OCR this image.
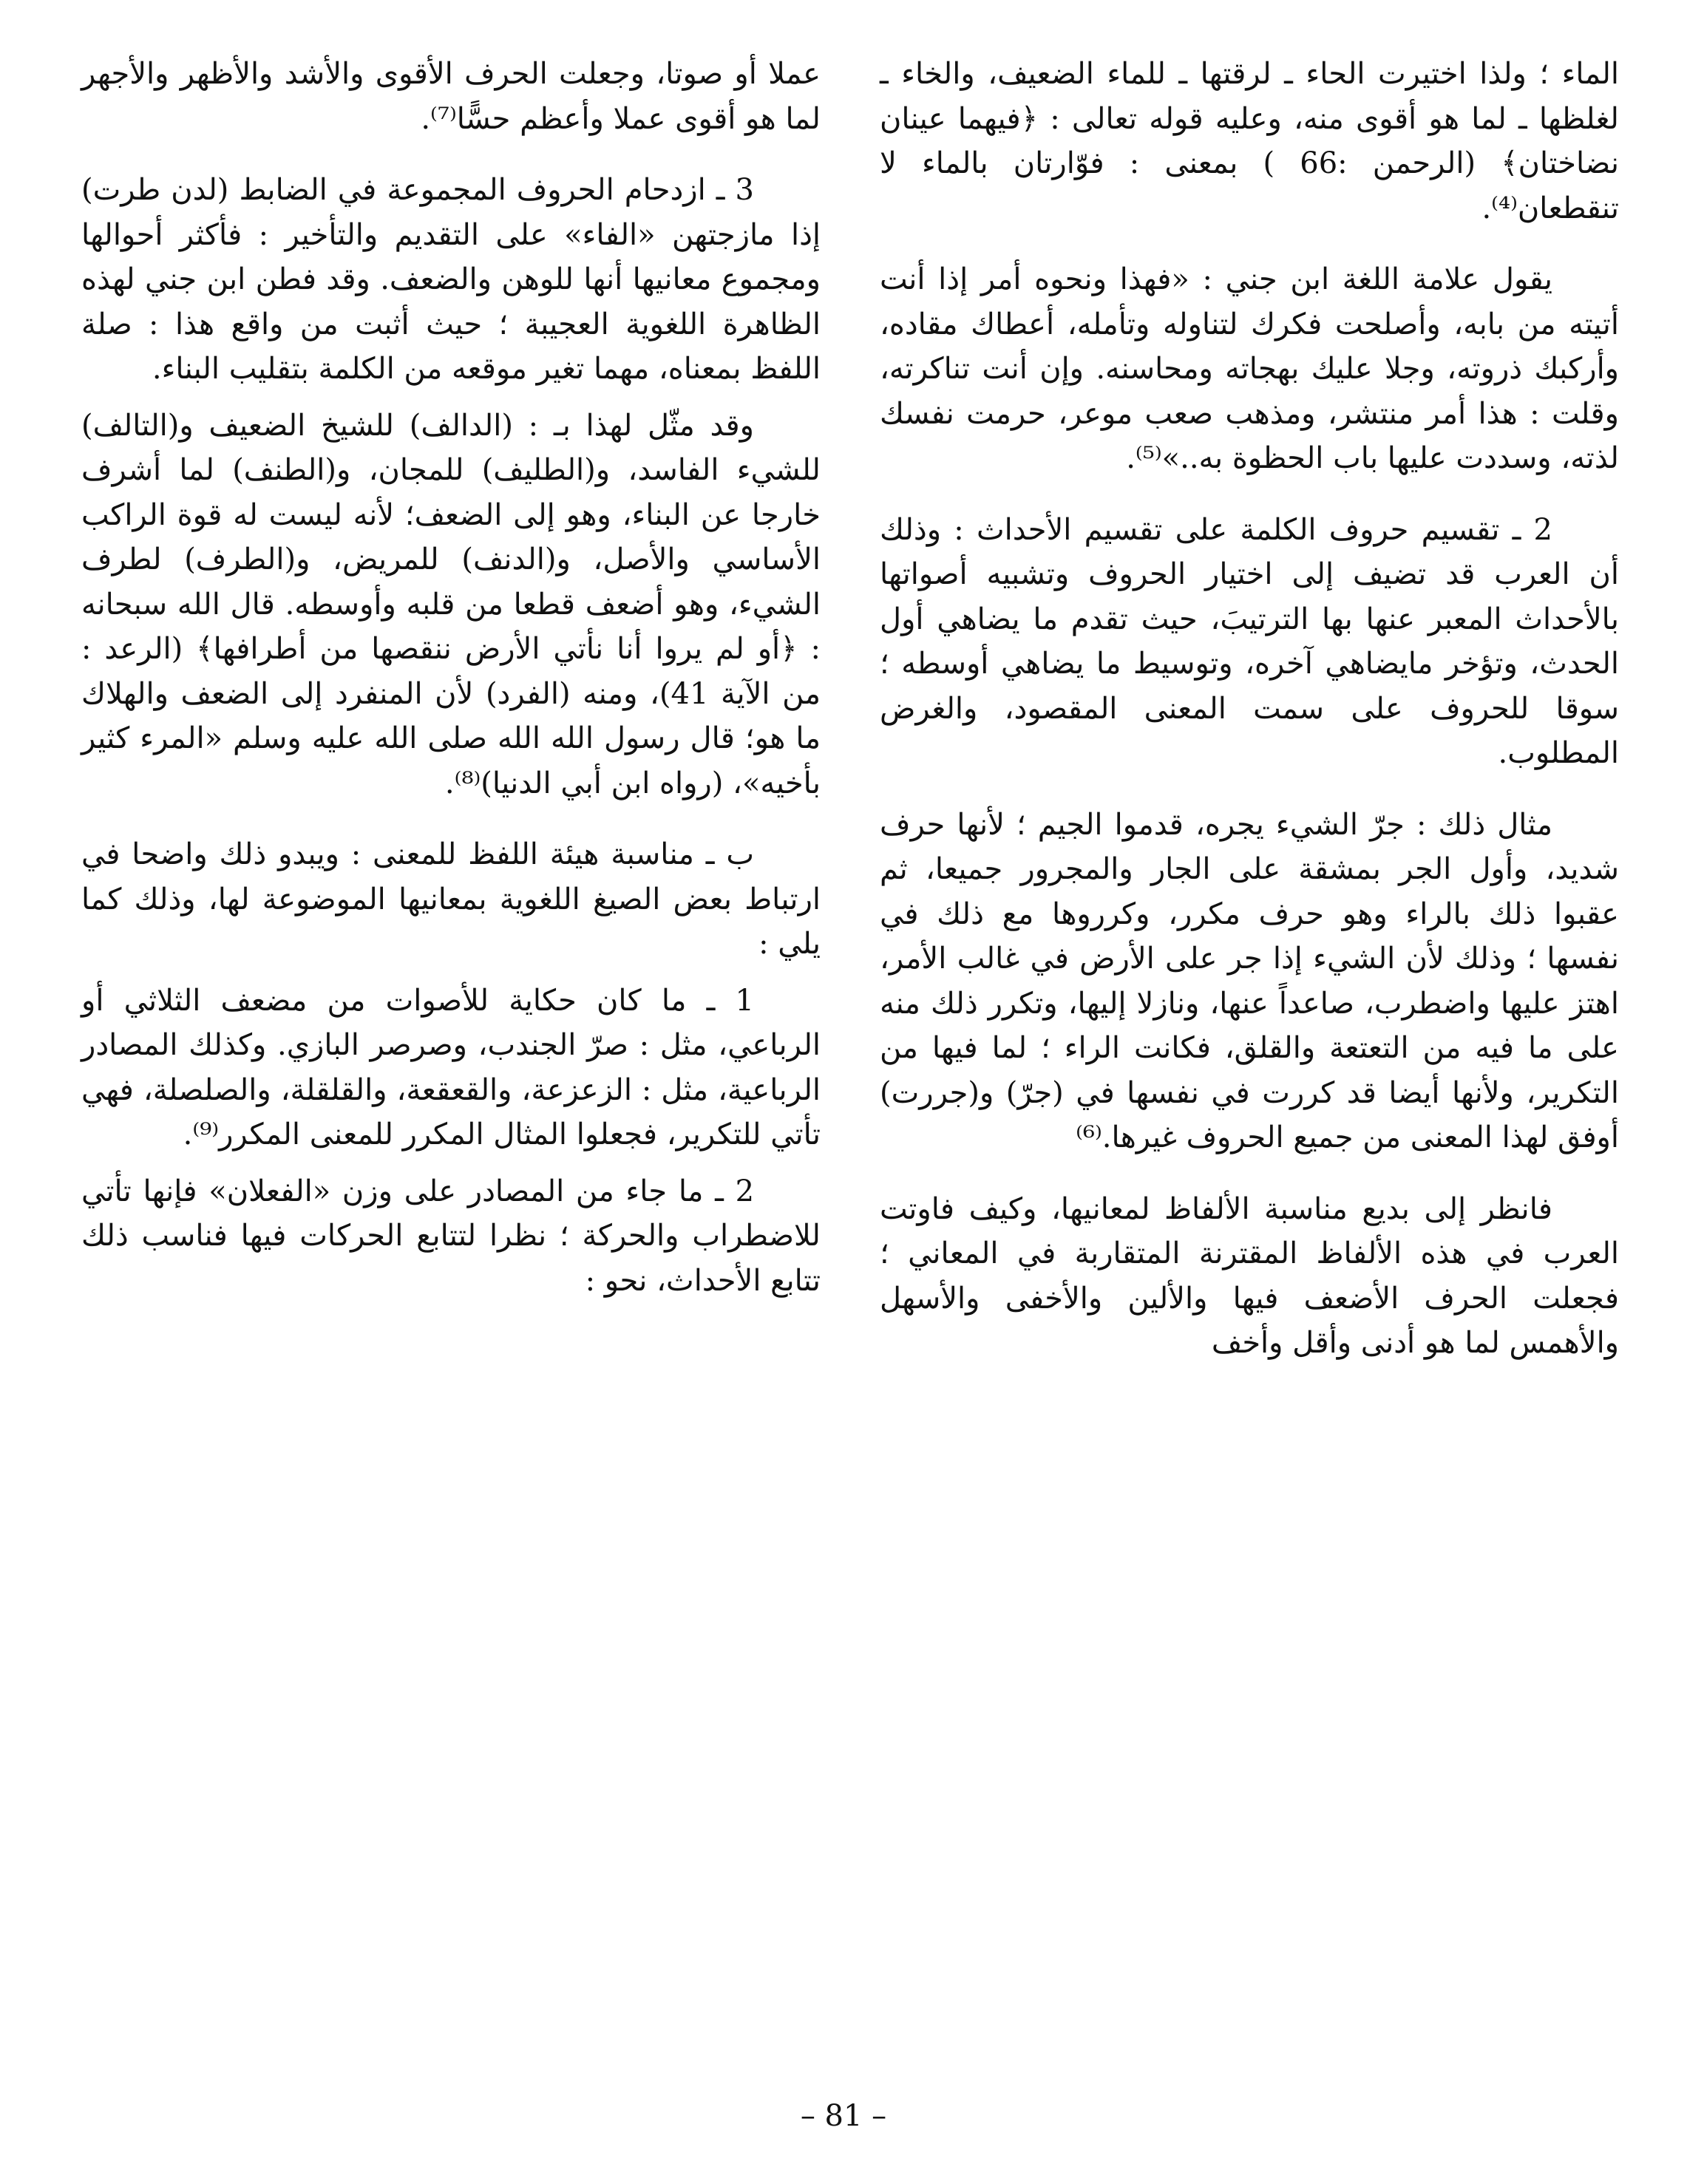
الماء ؛ ولذا اختيرت الحاء ـ لرقتها ـ للماء الضعيف، والخاء ـ لغلظها ـ لما هو أقوى منه، وعليه قوله تعالى : ﴿فيهما عينان نضاختان﴾ (الرحمن :66 ) بمعنى : فوّارتان بالماء لا تنقطعان⁽⁴⁾.

يقول علامة اللغة ابن جني : «فهذا ونحوه أمر إذا أنت أتيته من بابه، وأصلحت فكرك لتناوله وتأمله، أعطاك مقاده، وأركبك ذروته، وجلا عليك بهجاته ومحاسنه. وإن أنت تناكرته، وقلت : هذا أمر منتشر، ومذهب صعب موعر، حرمت نفسك لذته، وسددت عليها باب الحظوة به..»⁽⁵⁾.

2 ـ تقسيم حروف الكلمة على تقسيم الأحداث : وذلك أن العرب قد تضيف إلى اختيار الحروف وتشبيه أصواتها بالأحداث المعبر عنها بها الترتيبَ، حيث تقدم ما يضاهي أول الحدث، وتؤخر مايضاهي آخره، وتوسيط ما يضاهي أوسطه ؛ سوقا للحروف على سمت المعنى المقصود، والغرض المطلوب.

مثال ذلك : جرّ الشيء يجره، قدموا الجيم ؛ لأنها حرف شديد، وأول الجر بمشقة على الجار والمجرور جميعا، ثم عقبوا ذلك بالراء وهو حرف مكرر، وكرروها مع ذلك في نفسها ؛ وذلك لأن الشيء إذا جر على الأرض في غالب الأمر، اهتز عليها واضطرب، صاعداً عنها، ونازلا إليها، وتكرر ذلك منه على ما فيه من التعتعة والقلق، فكانت الراء ؛ لما فيها من التكرير، ولأنها أيضا قد كررت في نفسها في (جرّ) و(جررت) أوفق لهذا المعنى من جميع الحروف غيرها.⁽⁶⁾

فانظر إلى بديع مناسبة الألفاظ لمعانيها، وكيف فاوتت العرب في هذه الألفاظ المقترنة المتقاربة في المعاني ؛ فجعلت الحرف الأضعف فيها والألين والأخفى والأسهل والأهمس لما هو أدنى وأقل وأخف

عملا أو صوتا، وجعلت الحرف الأقوى والأشد والأظهر والأجهر لما هو أقوى عملا وأعظم حسًّا⁽⁷⁾.

3 ـ ازدحام الحروف المجموعة في الضابط (لدن طرت) إذا مازجتهن «الفاء» على التقديم والتأخير : فأكثر أحوالها ومجموع معانيها أنها للوهن والضعف. وقد فطن ابن جني لهذه الظاهرة اللغوية العجيبة ؛ حيث أثبت من واقع هذا : صلة اللفظ بمعناه، مهما تغير موقعه من الكلمة بتقليب البناء.

وقد مثّل لهذا بـ : (الدالف) للشيخ الضعيف و(التالف) للشيء الفاسد، و(الطليف) للمجان، و(الطنف) لما أشرف خارجا عن البناء، وهو إلى الضعف؛ لأنه ليست له قوة الراكب الأساسي والأصل، و(الدنف) للمريض، و(الطرف) لطرف الشيء، وهو أضعف قطعا من قلبه وأوسطه. قال الله سبحانه : ﴿أو لم يروا أنا نأتي الأرض ننقصها من أطرافها﴾ (الرعد : من الآية 41)، ومنه (الفرد) لأن المنفرد إلى الضعف والهلاك ما هو؛ قال رسول الله الله صلى الله عليه وسلم «المرء كثير بأخيه»، (رواه ابن أبي الدنيا)⁽⁸⁾.

ب ـ مناسبة هيئة اللفظ للمعنى : ويبدو ذلك واضحا في ارتباط بعض الصيغ اللغوية بمعانيها الموضوعة لها، وذلك كما يلي :

1 ـ ما كان حكاية للأصوات من مضعف الثلاثي أو الرباعي، مثل : صرّ الجندب، وصرصر البازي. وكذلك المصادر الرباعية، مثل : الزعزعة، والقعقعة، والقلقلة، والصلصلة، فهي تأتي للتكرير، فجعلوا المثال المكرر للمعنى المكرر⁽⁹⁾.

2 ـ ما جاء من المصادر على وزن «الفعلان» فإنها تأتي للاضطراب والحركة ؛ نظرا لتتابع الحركات فيها فناسب ذلك تتابع الأحداث، نحو :

– 81 –
